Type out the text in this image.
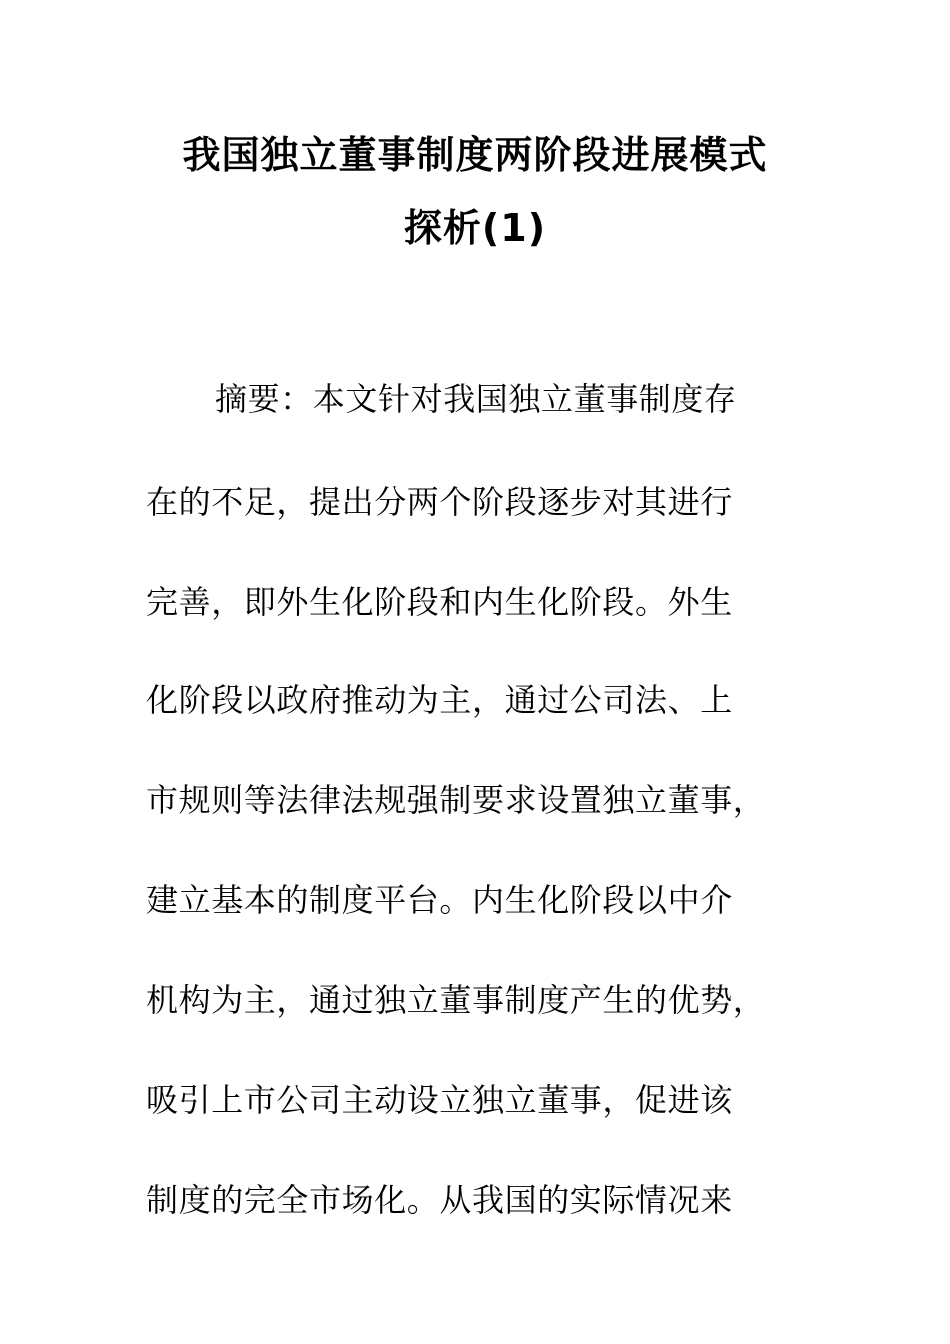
我国独立董事制度两阶段进展模式
探析(1)
摘要：本文针对我国独立董事制度存
在的不足，提出分两个阶段逐步对其进行
完善，即外生化阶段和内生化阶段。外生
化阶段以政府推动为主，通过公司法、上
市规则等法律法规强制要求设置独立董事，
建立基本的制度平台。内生化阶段以中介
机构为主，通过独立董事制度产生的优势，
吸引上市公司主动设立独立董事，促进该
制度的完全市场化。从我国的实际情况来
